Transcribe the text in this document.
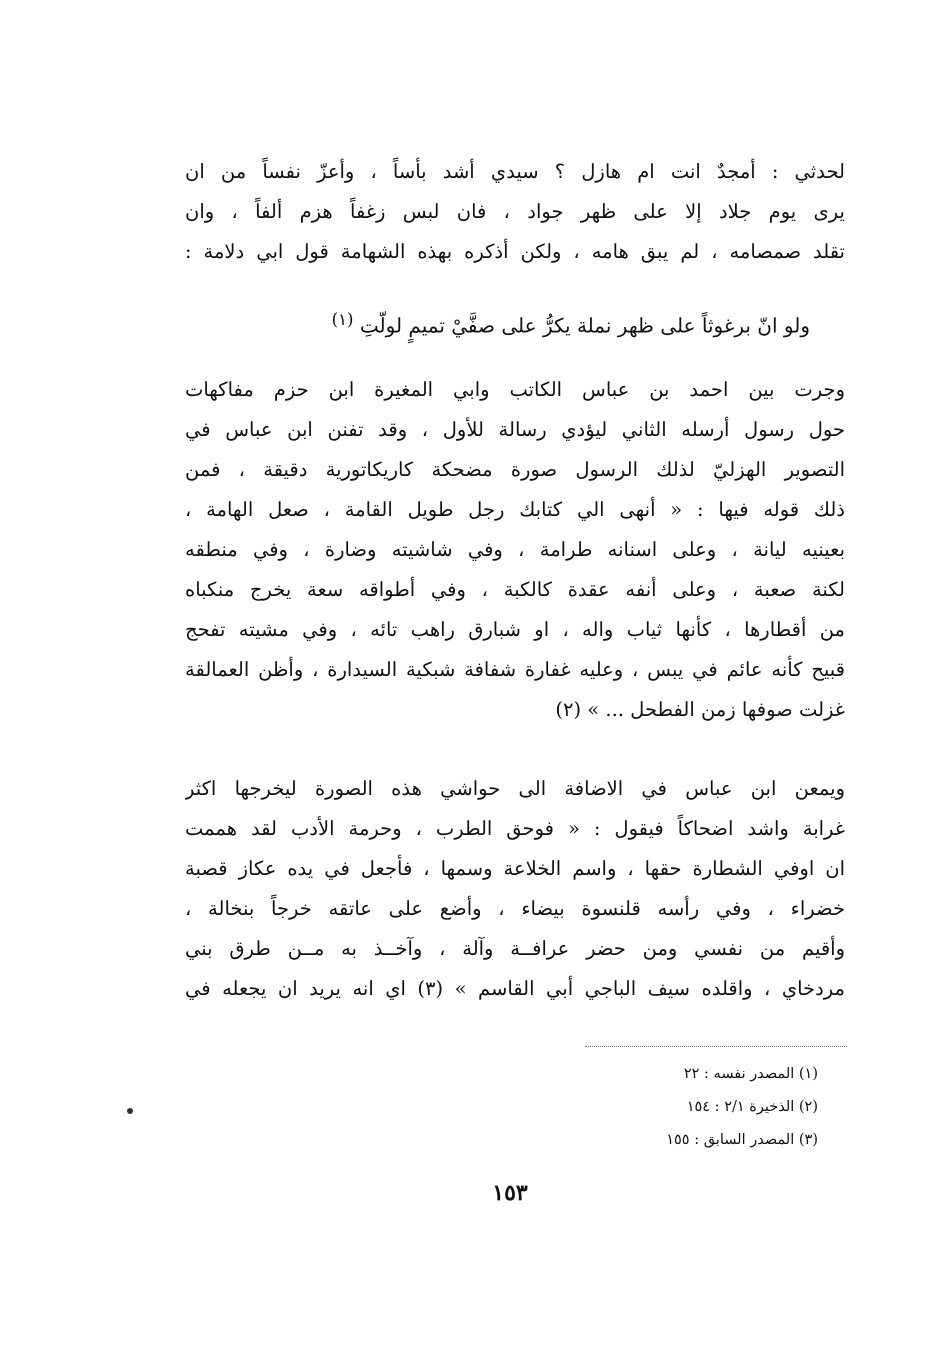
لحدثي : أمجدٌ انت ام هازل ؟ سيدي أشد بأساً ، وأعزّ نفساً من ان
يرى يوم جلاد إلا على ظهر جواد ، فان لبس زغفاً هزم ألفاً ، وان
تقلد صمصامه ، لم يبق هامه ، ولكن أذكره بهذه الشهامة قول ابي دلامة :
ولو انّ برغوثاً على ظهر نملة يكرُّ على صفَّيْ تميمٍ لولّتِ $^{(١)}$
وجرت بين احمد بن عباس الكاتب وابي المغيرة ابن حزم مفاكهات
حول رسول أرسله الثاني ليؤدي رسالة للأول ، وقد تفنن ابن عباس في
التصوير الهزليّ لذلك الرسول صورة مضحكة كاريكاتورية دقيقة ، فمن
ذلك قوله فيها : « أنهى الي كتابك رجل طويل القامة ، صعل الهامة ،
بعينيه ليانة ، وعلى اسنانه طرامة ، وفي شاشيته وضارة ، وفي منطقه
لكنة صعبة ، وعلى أنفه عقدة كالكبة ، وفي أطواقه سعة يخرج منكباه
من أقطارها ، كأنها ثياب واله ، او شبارق راهب تائه ، وفي مشيته تفحج
قبيح كأنه عائم في يبس ، وعليه غفارة شفافة شبكية السيدارة ، وأظن العمالقة
غزلت صوفها زمن الفطحل ... » (٢)
ويمعن ابن عباس في الاضافة الى حواشي هذه الصورة ليخرجها اكثر
غرابة واشد اضحاكاً فيقول : « فوحق الطرب ، وحرمة الأدب لقد هممت
ان اوفي الشطارة حقها ، واسم الخلاعة وسمها ، فأجعل في يده عكاز قصبة
خضراء ، وفي رأسه قلنسوة بيضاء ، وأضع على عاتقه خرجاً بنخالة ،
وأقيم من نفسي ومن حضر عرافــة وآلة ، وآخــذ به مــن طرق بني
مردخاي ، واقلده سيف الباجي أبي القاسم » (٣) اي انه يريد ان يجعله في
(١) المصدر نفسه : ٢٢
(٢) الذخيرة ٢/١ : ١٥٤
(٣) المصدر السابق : ١٥٥
١٥٣
